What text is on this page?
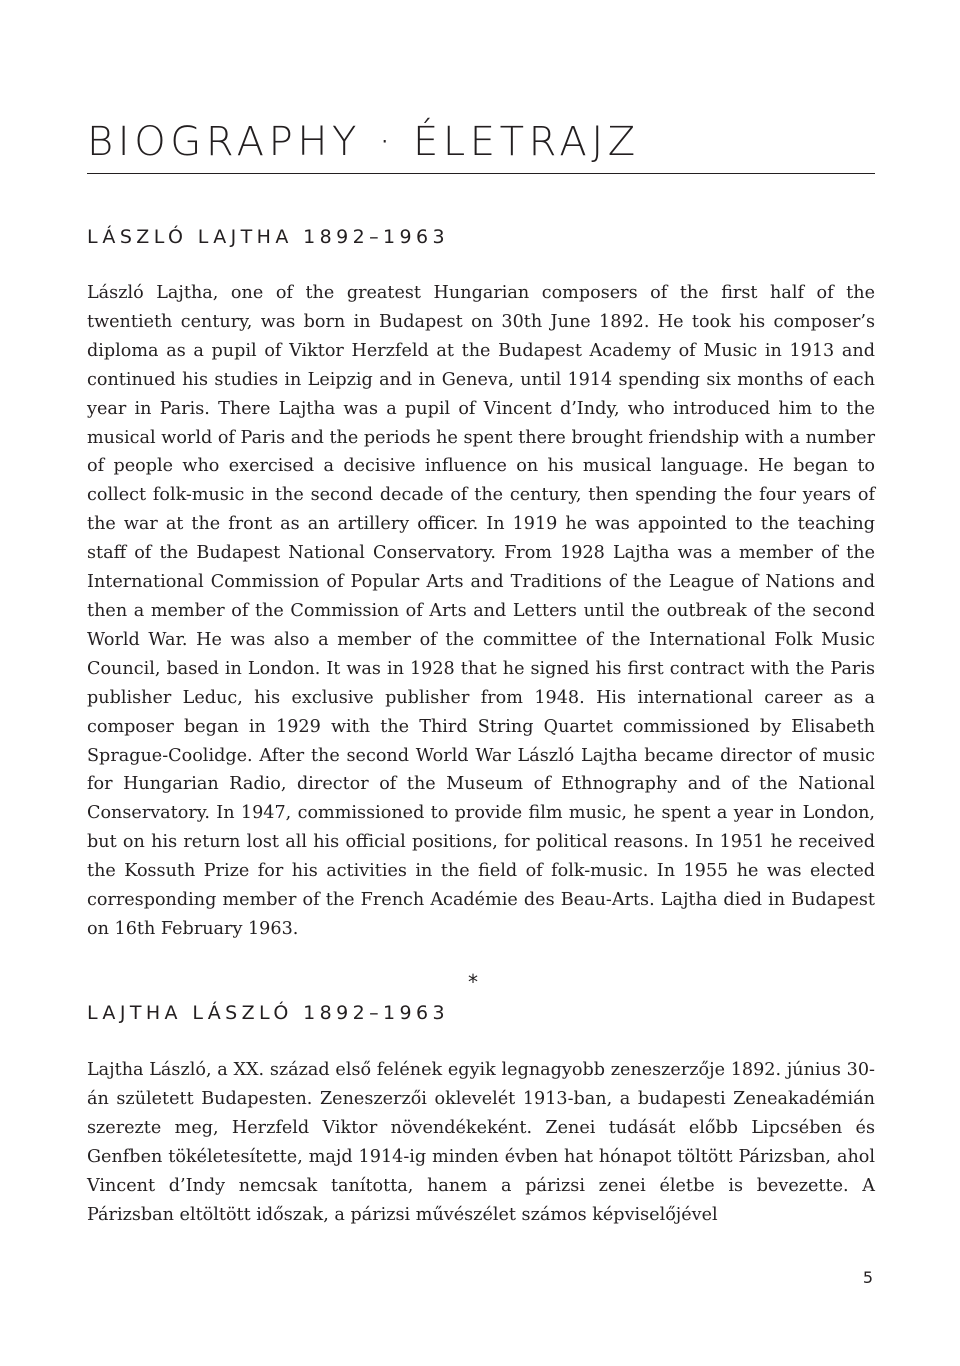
BIOGRAPHY · ÉLETRAJZ
LÁSZLÓ LAJTHA 1892–1963

László Lajtha, one of the greatest Hungarian composers of the first half of the twentieth century, was born in Budapest on 30th June 1892. He took his composer’s diploma as a pupil of Viktor Herzfeld at the Budapest Academy of Music in 1913 and continued his studies in Leipzig and in Geneva, until 1914 spending six months of each year in Paris. There Lajtha was a pupil of Vincent d’Indy, who introduced him to the musical world of Paris and the periods he spent there brought friendship with a number of people who exercised a decisive influence on his musical language. He began to collect folk-music in the second decade of the century, then spending the four years of the war at the front as an artillery officer. In 1919 he was appointed to the teaching staff of the Budapest National Conservatory. From 1928 Lajtha was a member of the International Commission of Popular Arts and Traditions of the League of Nations and then a member of the Commission of Arts and Letters until the outbreak of the second World War. He was also a member of the committee of the International Folk Music Council, based in London. It was in 1928 that he signed his first contract with the Paris publisher Leduc, his exclusive publisher from 1948. His international career as a composer began in 1929 with the Third String Quartet commissioned by Elisabeth Sprague-Coolidge. After the second World War László Lajtha became director of music for Hungarian Radio, director of the Museum of Ethnography and of the National Conservatory. In 1947, commissioned to provide film music, he spent a year in London, but on his return lost all his official positions, for political reasons. In 1951 he received the Kossuth Prize for his activities in the field of folk-music. In 1955 he was elected corresponding member of the French Académie des Beau-Arts. Lajtha died in Budapest on 16th February 1963.

*
LAJTHA LÁSZLÓ 1892–1963

Lajtha László, a XX. század első felének egyik legnagyobb zeneszerzője 1892. június 30-án született Budapesten. Zeneszerzői oklevelét 1913-ban, a budapesti Zeneakadémián szerezte meg, Herzfeld Viktor növendékeként. Zenei tudását előbb Lipcsében és Genfben tökéletesítette, majd 1914-ig minden évben hat hónapot töltött Párizsban, ahol Vincent d’Indy nemcsak tanította, hanem a párizsi zenei életbe is bevezette. A Párizsban eltöltött időszak, a párizsi művészélet számos képviselőjével

5
